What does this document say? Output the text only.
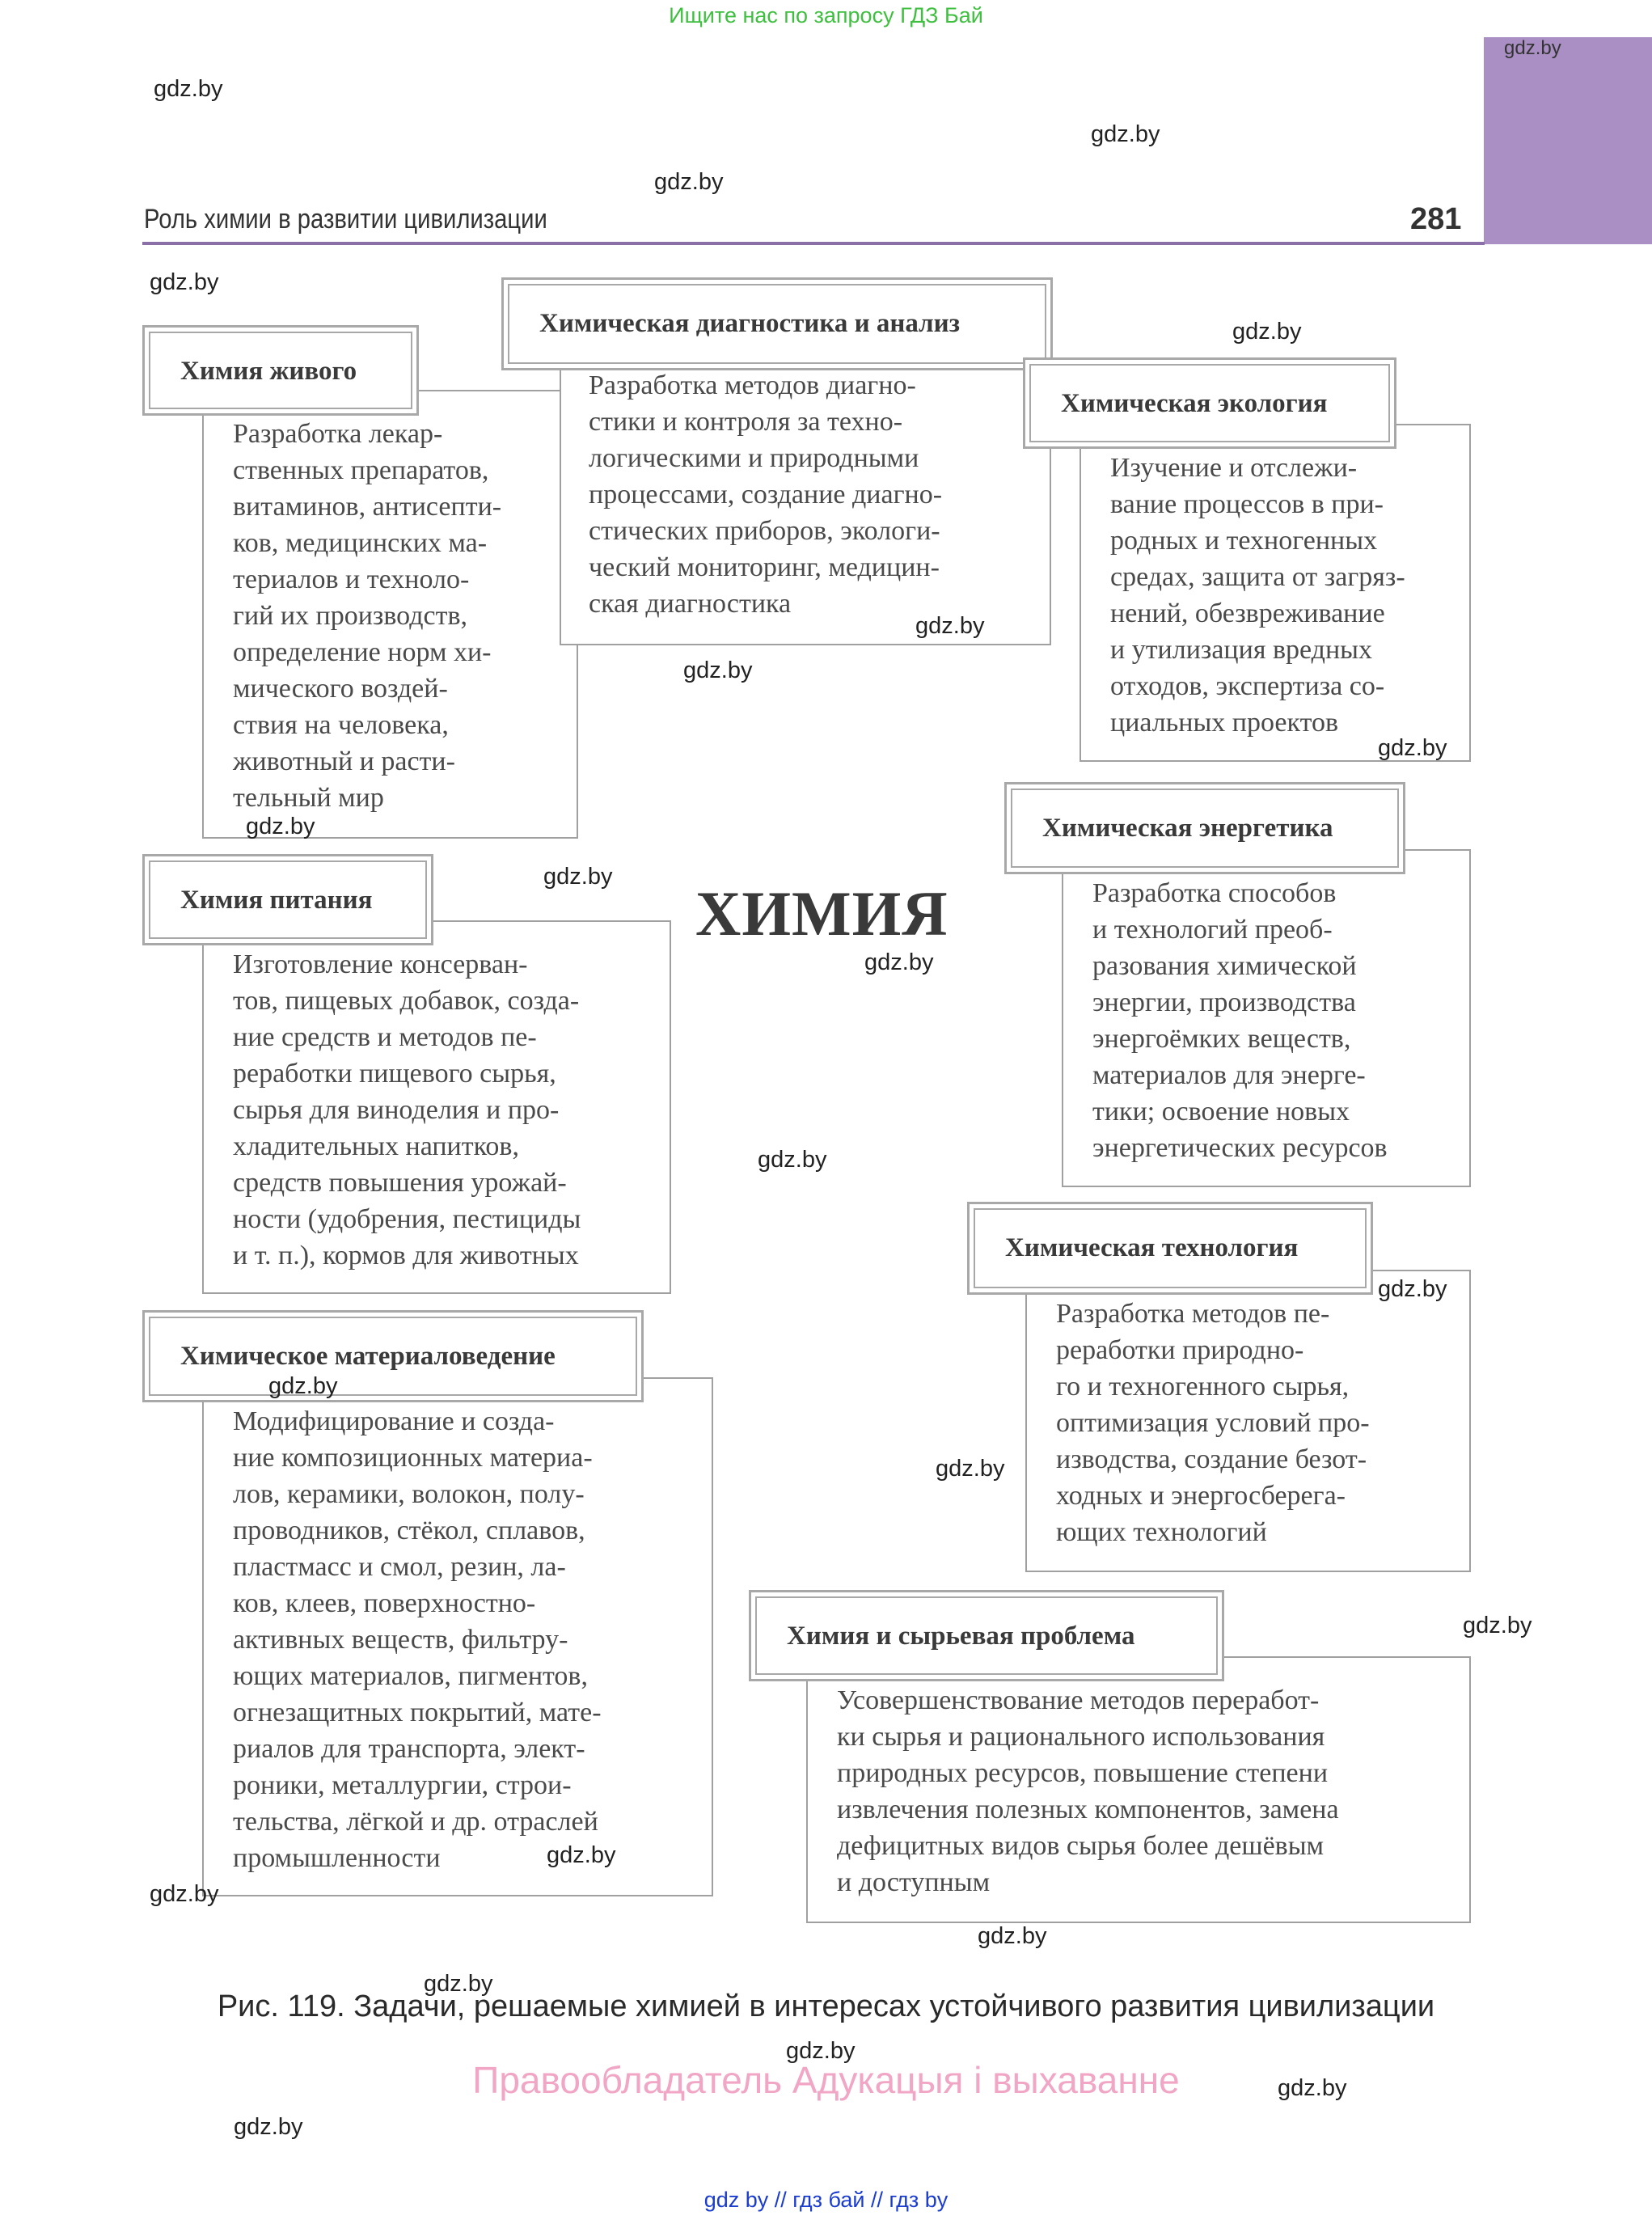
Ищите нас по запросу ГДЗ Бай
gdz.by
Роль химии в развитии цивилизации	281
Разработка лекар-
ственных препаратов,
витаминов, антисепти-
ков, медицинских ма-
териалов и техноло-
гий их производств,
определение норм хи-
мического воздей-
ствия на человека,
животный и расти-
тельный мир
Химия живого	Разработка методов диагно-
стики и контроля за техно-
логическими и природными
процессами, создание диагно-
стических приборов, экологи-
ческий мониторинг, медицин-
ская диагностика
Химическая диагностика и анализ
Изучение и отслежи-
вание процессов в при-
родных и техногенных
средах, защита от загряз-
нений, обезвреживание
и утилизация вредных
отходов, экспертиза со-
циальных проектов
Химическая экология
Изготовление консерван-
тов, пищевых добавок, созда-
ние средств и методов пе-
реработки пищевого сырья,
сырья для виноделия и про-
хладительных напитков,
средств повышения урожай-
ности (удобрения, пестициды
и т. п.), кормов для животных
Химия питания	ХИМИЯ	Разработка способов
и технологий преоб-
разования химической
энергии, производства
энергоёмких веществ,
материалов для энерге-
тики; освоение новых
энергетических ресурсов
Химическая энергетика
Разработка методов пе-
реработки природно-
го и техногенного сырья,
оптимизация условий про-
изводства, создание безот-
ходных и энергосберега-
ющих технологий
Химическая технология
Модифицирование и созда-
ние композиционных материа-
лов, керамики, волокон, полу-
проводников, стёкол, сплавов,
пластмасс и смол, резин, ла-
ков, клеев, поверхностно-
активных веществ, фильтру-
ющих материалов, пигментов,
огнезащитных покрытий, мате-
риалов для транспорта, элект-
роники, металлургии, строи-
тельства, лёгкой и др. отраслей
промышленности
Химическое материаловедение
Усовершенствование методов переработ-
ки сырья и рационального использования
природных ресурсов, повышение степени
извлечения полезных компонентов, замена
дефицитных видов сырья более дешёвым
и доступным
Химия и сырьевая проблема
gdz.by
gdz.by
gdz.by
gdz.by
gdz.by
gdz.by
gdz.by
gdz.by
gdz.by
gdz.by
gdz.by
gdz.by
gdz.by
gdz.by
gdz.by
gdz.by
gdz.by
gdz.by
gdz.by
gdz.by
gdz.by
gdz.by
gdz.by
Рис. 119. Задачи, решаемые химией в интересах устойчивого развития цивилизации
Правообладатель Адукацыя і выхаванне
gdz by // гдз бай // гдз by
